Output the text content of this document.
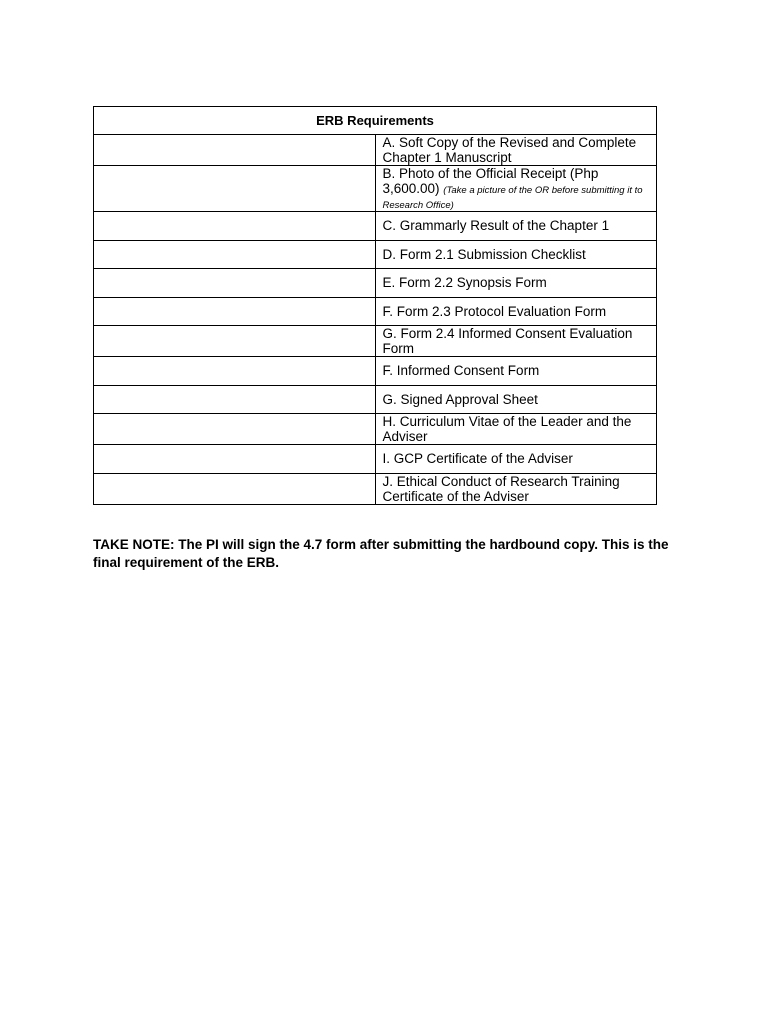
ERB Requirements	
	A. Soft Copy of the Revised and Complete Chapter 1 Manuscript
	B. Photo of the Official Receipt (Php 3,600.00) (Take a picture of the OR before submitting it to Research Office)
	C. Grammarly Result of the Chapter 1
	D. Form 2.1 Submission Checklist
	E. Form 2.2 Synopsis Form
	F. Form 2.3 Protocol Evaluation Form
	G. Form 2.4 Informed Consent Evaluation Form
	F. Informed Consent Form
	G. Signed Approval Sheet
	H. Curriculum Vitae of the Leader and the Adviser
	I. GCP Certificate of the Adviser
	J. Ethical Conduct of Research Training Certificate of the Adviser

TAKE NOTE: The PI will sign the 4.7 form after submitting the hardbound copy. This is the final requirement of the ERB.
